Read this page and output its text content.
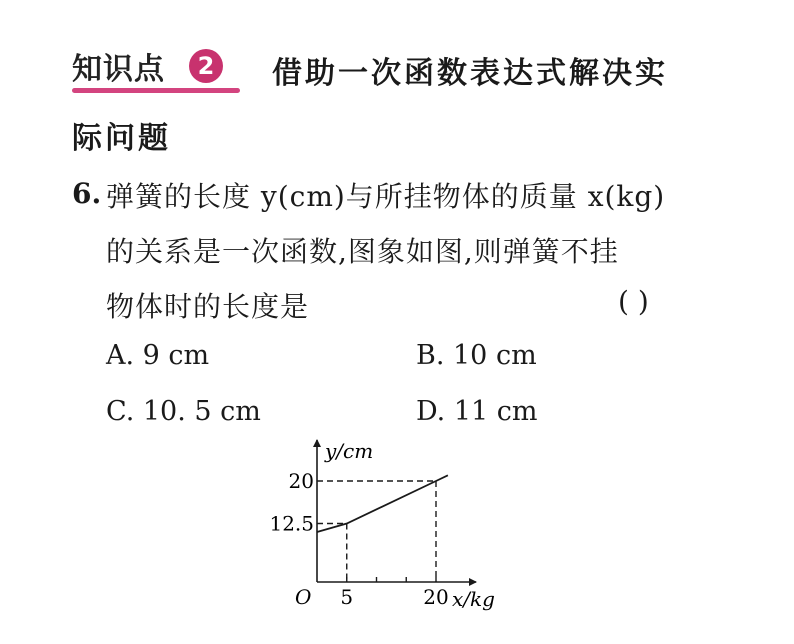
知识点	2 借助一次函数表达式解决实
际问题
6. 弹簧的长度 y(cm)与所挂物体的质量 x(kg)
的关系是一次函数,图象如图,则弹簧不挂
物体时的长度是	( )
A. 9 cm	B. 10 cm
C. 10. 5 cm	D. 11 cm
5	20
12.5
20
y/cm
x/kg
O
